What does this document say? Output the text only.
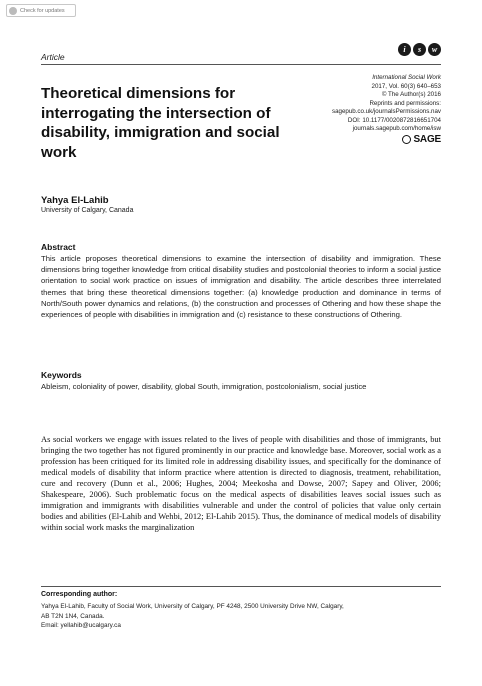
Check for updates
Article
i	s	w
Theoretical dimensions for interrogating the intersection of disability, immigration and social work
International Social Work
2017, Vol. 60(3) 640–653
© The Author(s) 2016
Reprints and permissions:
sagepub.co.uk/journalsPermissions.nav
DOI: 10.1177/0020872816651704
journals.sagepub.com/home/isw
SAGE
Yahya El-Lahib
University of Calgary, Canada
Abstract
This article proposes theoretical dimensions to examine the intersection of disability and immigration. These dimensions bring together knowledge from critical disability studies and postcolonial theories to inform a social justice orientation to social work practice on issues of immigration and disability. The article describes three interrelated themes that bring these theoretical dimensions together: (a) knowledge production and dominance in terms of North/South power dynamics and relations, (b) the construction and processes of Othering and how these shape the experiences of people with disabilities in immigration and (c) resistance to these constructions of Othering.
Keywords
Ableism, coloniality of power, disability, global South, immigration, postcolonialism, social justice

As social workers we engage with issues related to the lives of people with disabilities and those of immigrants, but bringing the two together has not figured prominently in our practice and knowledge base. Moreover, social work as a profession has been critiqued for its limited role in addressing disability issues, and specifically for the dominance of medical models of disability that inform practice where attention is directed to diagnosis, treatment, rehabilitation, cure and recovery (Dunn et al., 2006; Hughes, 2004; Meekosha and Dowse, 2007; Sapey and Oliver, 2006; Shakespeare, 2006). Such problematic focus on the medical aspects of disabilities leaves social issues such as immigration and immigrants with disabilities vulnerable and under the control of policies that value only certain bodies and abilities (El-Lahib and Wehbi, 2012; El-Lahib 2015). Thus, the dominance of medical models of disability within social work masks the marginalization

Corresponding author:
Yahya El-Lahib, Faculty of Social Work, University of Calgary, PF 4248, 2500 University Drive NW, Calgary,
AB T2N 1N4, Canada.
Email: yellahib@ucalgary.ca
